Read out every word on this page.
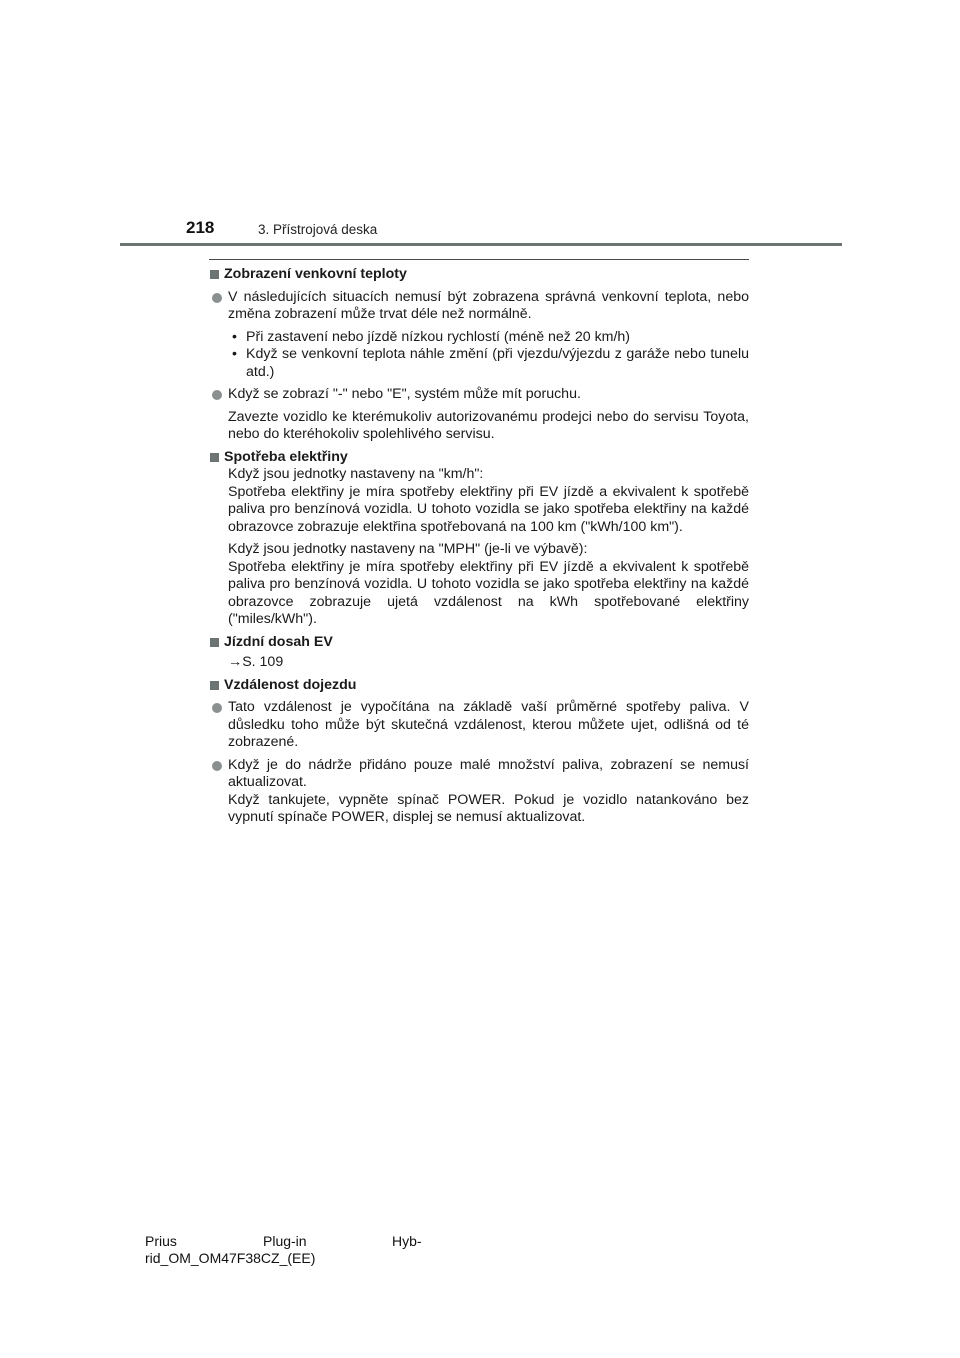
218	3. Přístrojová deska
Zobrazení venkovní teploty
V následujících situacích nemusí být zobrazena správná venkovní teplota, nebo změna zobrazení může trvat déle než normálně.
• Při zastavení nebo jízdě nízkou rychlostí (méně než 20 km/h)
• Když se venkovní teplota náhle změní (při vjezdu/výjezdu z garáže nebo tunelu atd.)
Když se zobrazí "-" nebo "E", systém může mít poruchu.
Zavezte vozidlo ke kterémukoliv autorizovanému prodejci nebo do servisu Toyota, nebo do kteréhokoliv spolehlivého servisu.
Spotřeba elektřiny
Když jsou jednotky nastaveny na "km/h":
Spotřeba elektřiny je míra spotřeby elektřiny při EV jízdě a ekvivalent k spotřebě paliva pro benzínová vozidla. U tohoto vozidla se jako spotřeba elektřiny na každé obrazovce zobrazuje elektřina spotřebovaná na 100 km ("kWh/100 km").
Když jsou jednotky nastaveny na "MPH" (je-li ve výbavě):
Spotřeba elektřiny je míra spotřeby elektřiny při EV jízdě a ekvivalent k spotřebě paliva pro benzínová vozidla. U tohoto vozidla se jako spotřeba elektřiny na každé obrazovce zobrazuje ujetá vzdálenost na kWh spotřebované elektřiny ("miles/kWh").
Jízdní dosah EV
→S. 109
Vzdálenost dojezdu
Tato vzdálenost je vypočítána na základě vaší průměrné spotřeby paliva. V důsledku toho může být skutečná vzdálenost, kterou můžete ujet, odlišná od té zobrazené.
Když je do nádrže přidáno pouze malé množství paliva, zobrazení se nemusí aktualizovat.
Když tankujete, vypněte spínač POWER. Pokud je vozidlo natankováno bez vypnutí spínače POWER, displej se nemusí aktualizovat.
Prius	Plug-in	Hyb-
rid_OM_OM47F38CZ_(EE)
